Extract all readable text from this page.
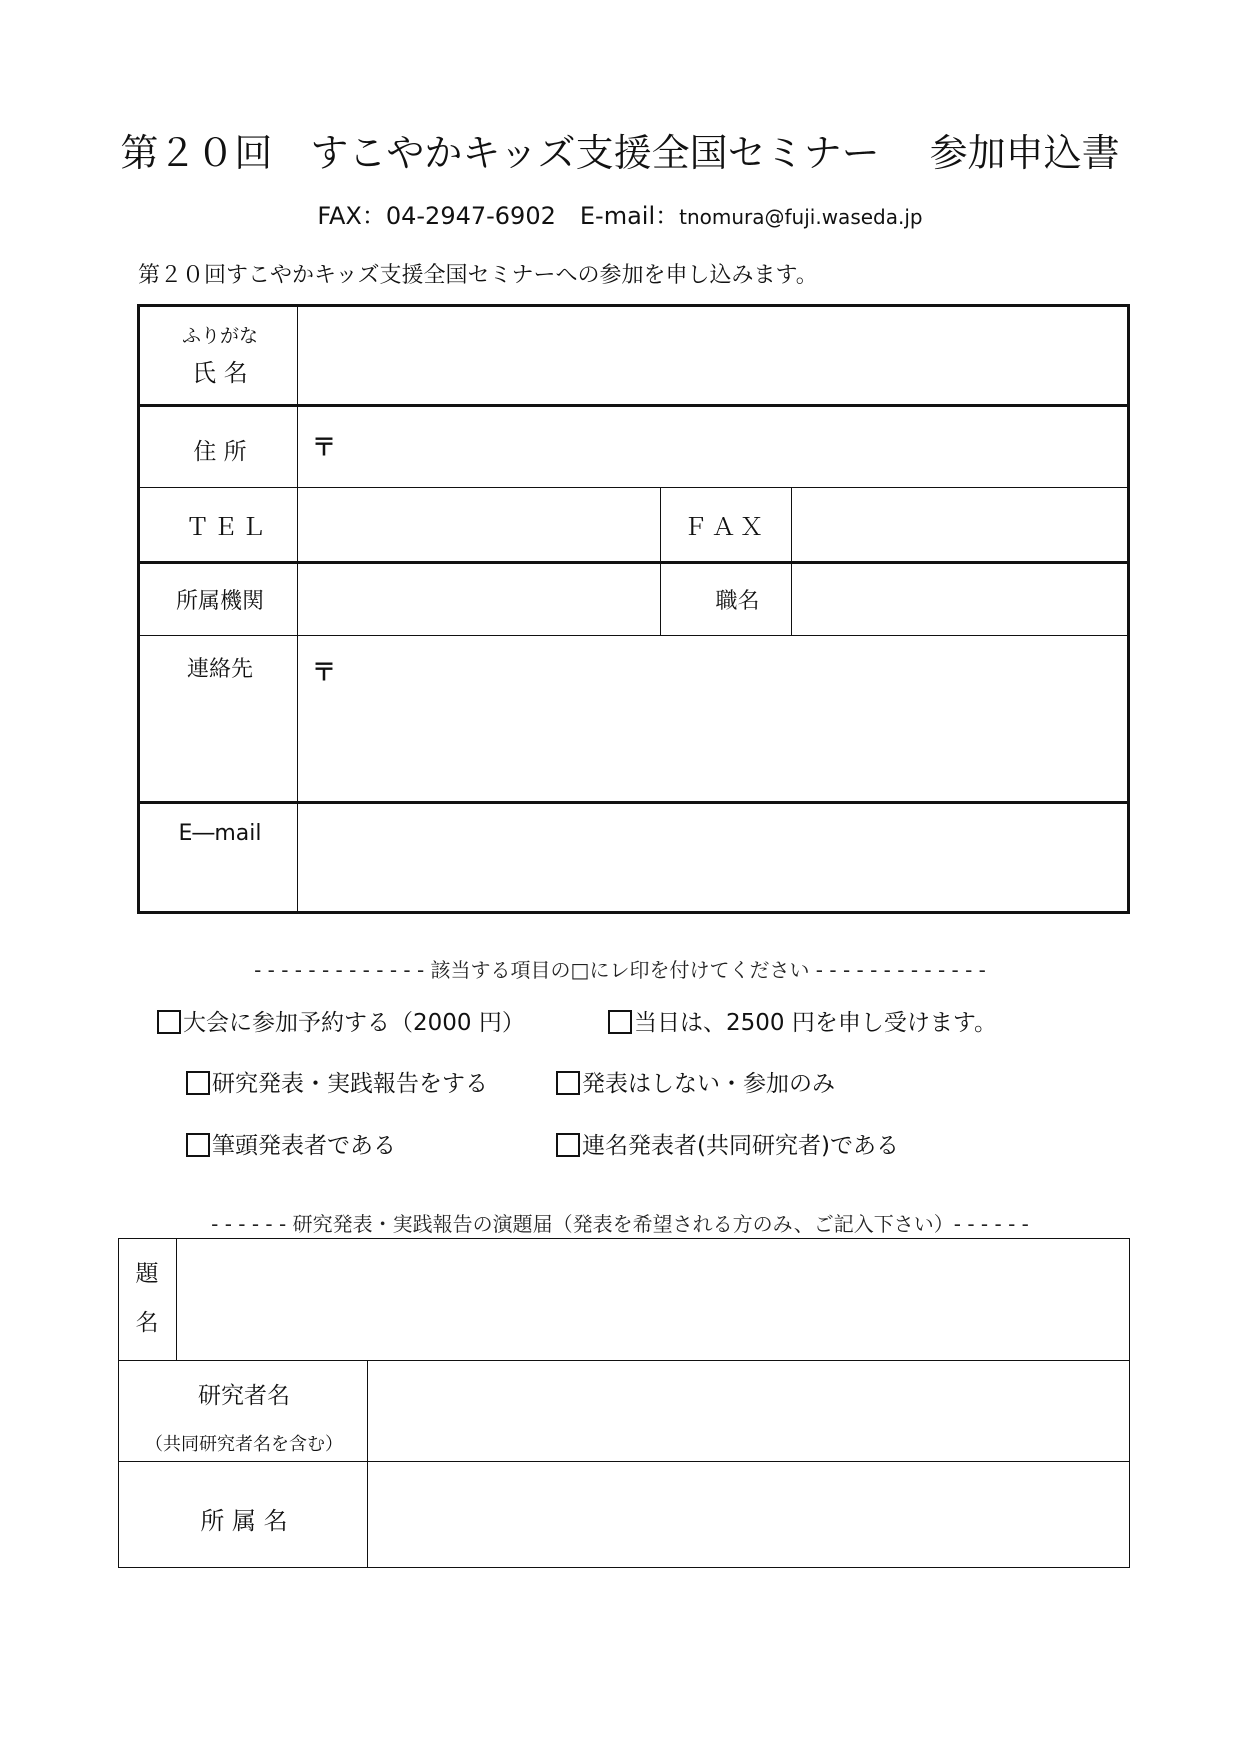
第２０回　すこやかキッズ支援全国セミナー　 参加申込書
FAX：04-2947-6902　E-mail：tnomura@fuji.waseda.jp
第２０回すこやかキッズ支援全国セミナーへの参加を申し込みます。
ふりがな
氏 名
住 所	〒
ＴＥＬ	ＦＡＸ
所属機関	職名
連絡先	〒
E―mail
- - - - - - - - - - - - - 該当する項目の□にレ印を付けてください - - - - - - - - - - - - -
大会に参加予約する（2000 円）	当日は、2500 円を申し受けます。
研究発表・実践報告をする	発表はしない・参加のみ
筆頭発表者である	連名発表者(共同研究者)である
- - - - - - 研究発表・実践報告の演題届（発表を希望される方のみ、ご記入下さい）- - - - - -
題
名
研究者名
（共同研究者名を含む）
所 属 名
